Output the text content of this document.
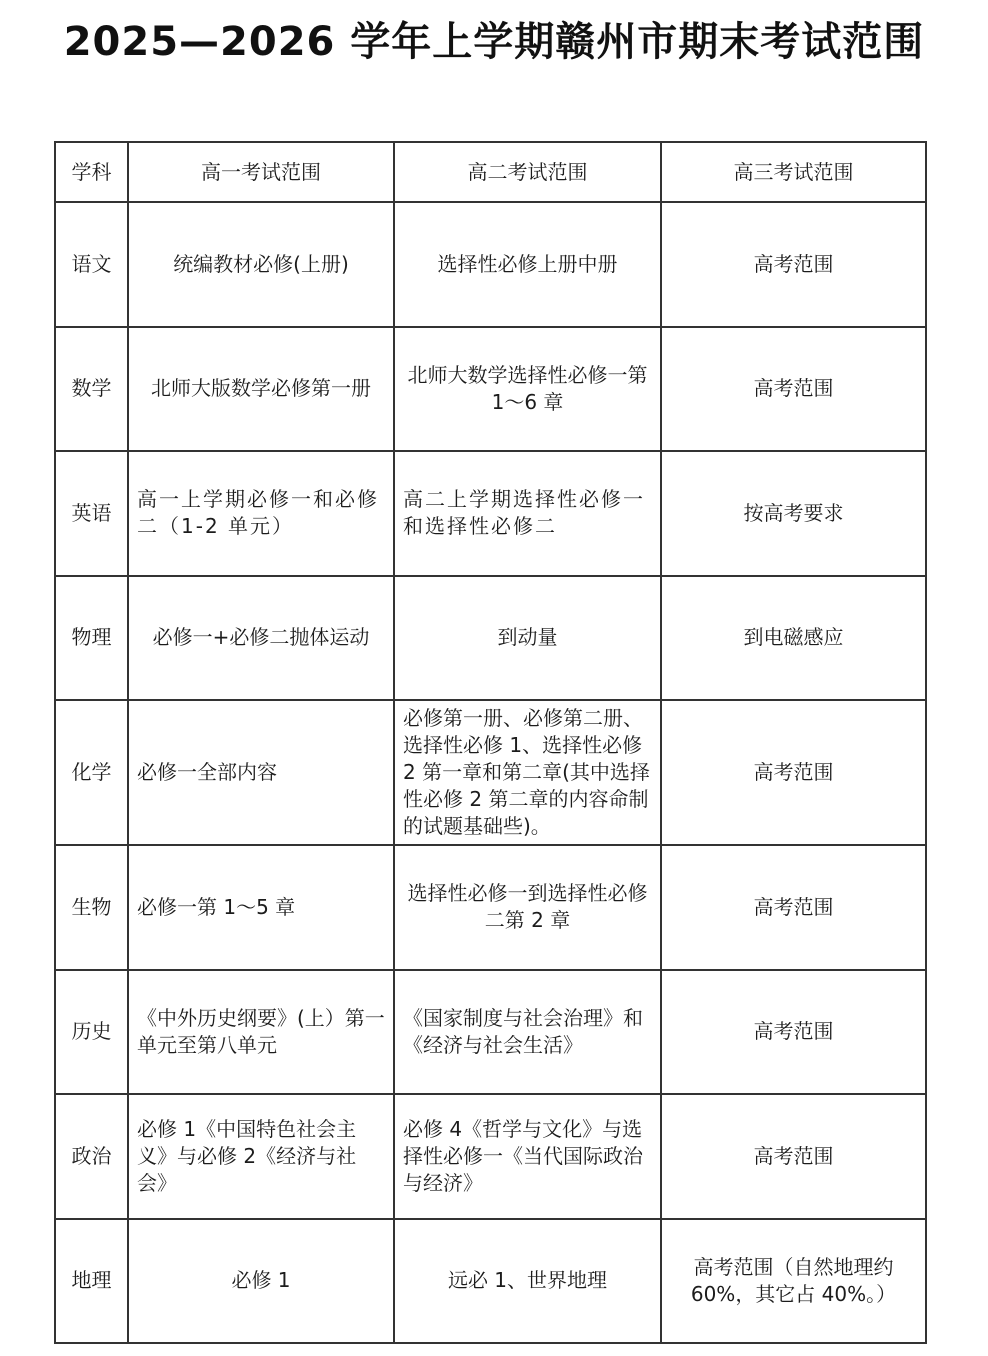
2025—2026 学年上学期赣州市期末考试范围
学科	高一考试范围	高二考试范围	高三考试范围
语文	统编教材必修(上册)	选择性必修上册中册	高考范围
数学	北师大版数学必修第一册	北师大数学选择性必修一第 1～6 章	高考范围
英语	高一上学期必修一和必修二（1-2 单元）	高二上学期选择性必修一和选择性必修二	按高考要求
物理	必修一+必修二抛体运动	到动量	到电磁感应
化学	必修一全部内容	必修第一册、必修第二册、选择性必修 1、选择性必修 2 第一章和第二章(其中选择性必修 2 第二章的内容命制的试题基础些)。	高考范围
生物	必修一第 1～5 章	选择性必修一到选择性必修二第 2 章	高考范围
历史	《中外历史纲要》(上）第一单元至第八单元	《国家制度与社会治理》和《经济与社会生活》	高考范围
政治	必修 1《中国特色社会主义》与必修 2《经济与社会》	必修 4《哲学与文化》与选择性必修一《当代国际政治与经济》	高考范围
地理	必修 1	远必 1、世界地理	高考范围（自然地理约 60%，其它占 40%。）
